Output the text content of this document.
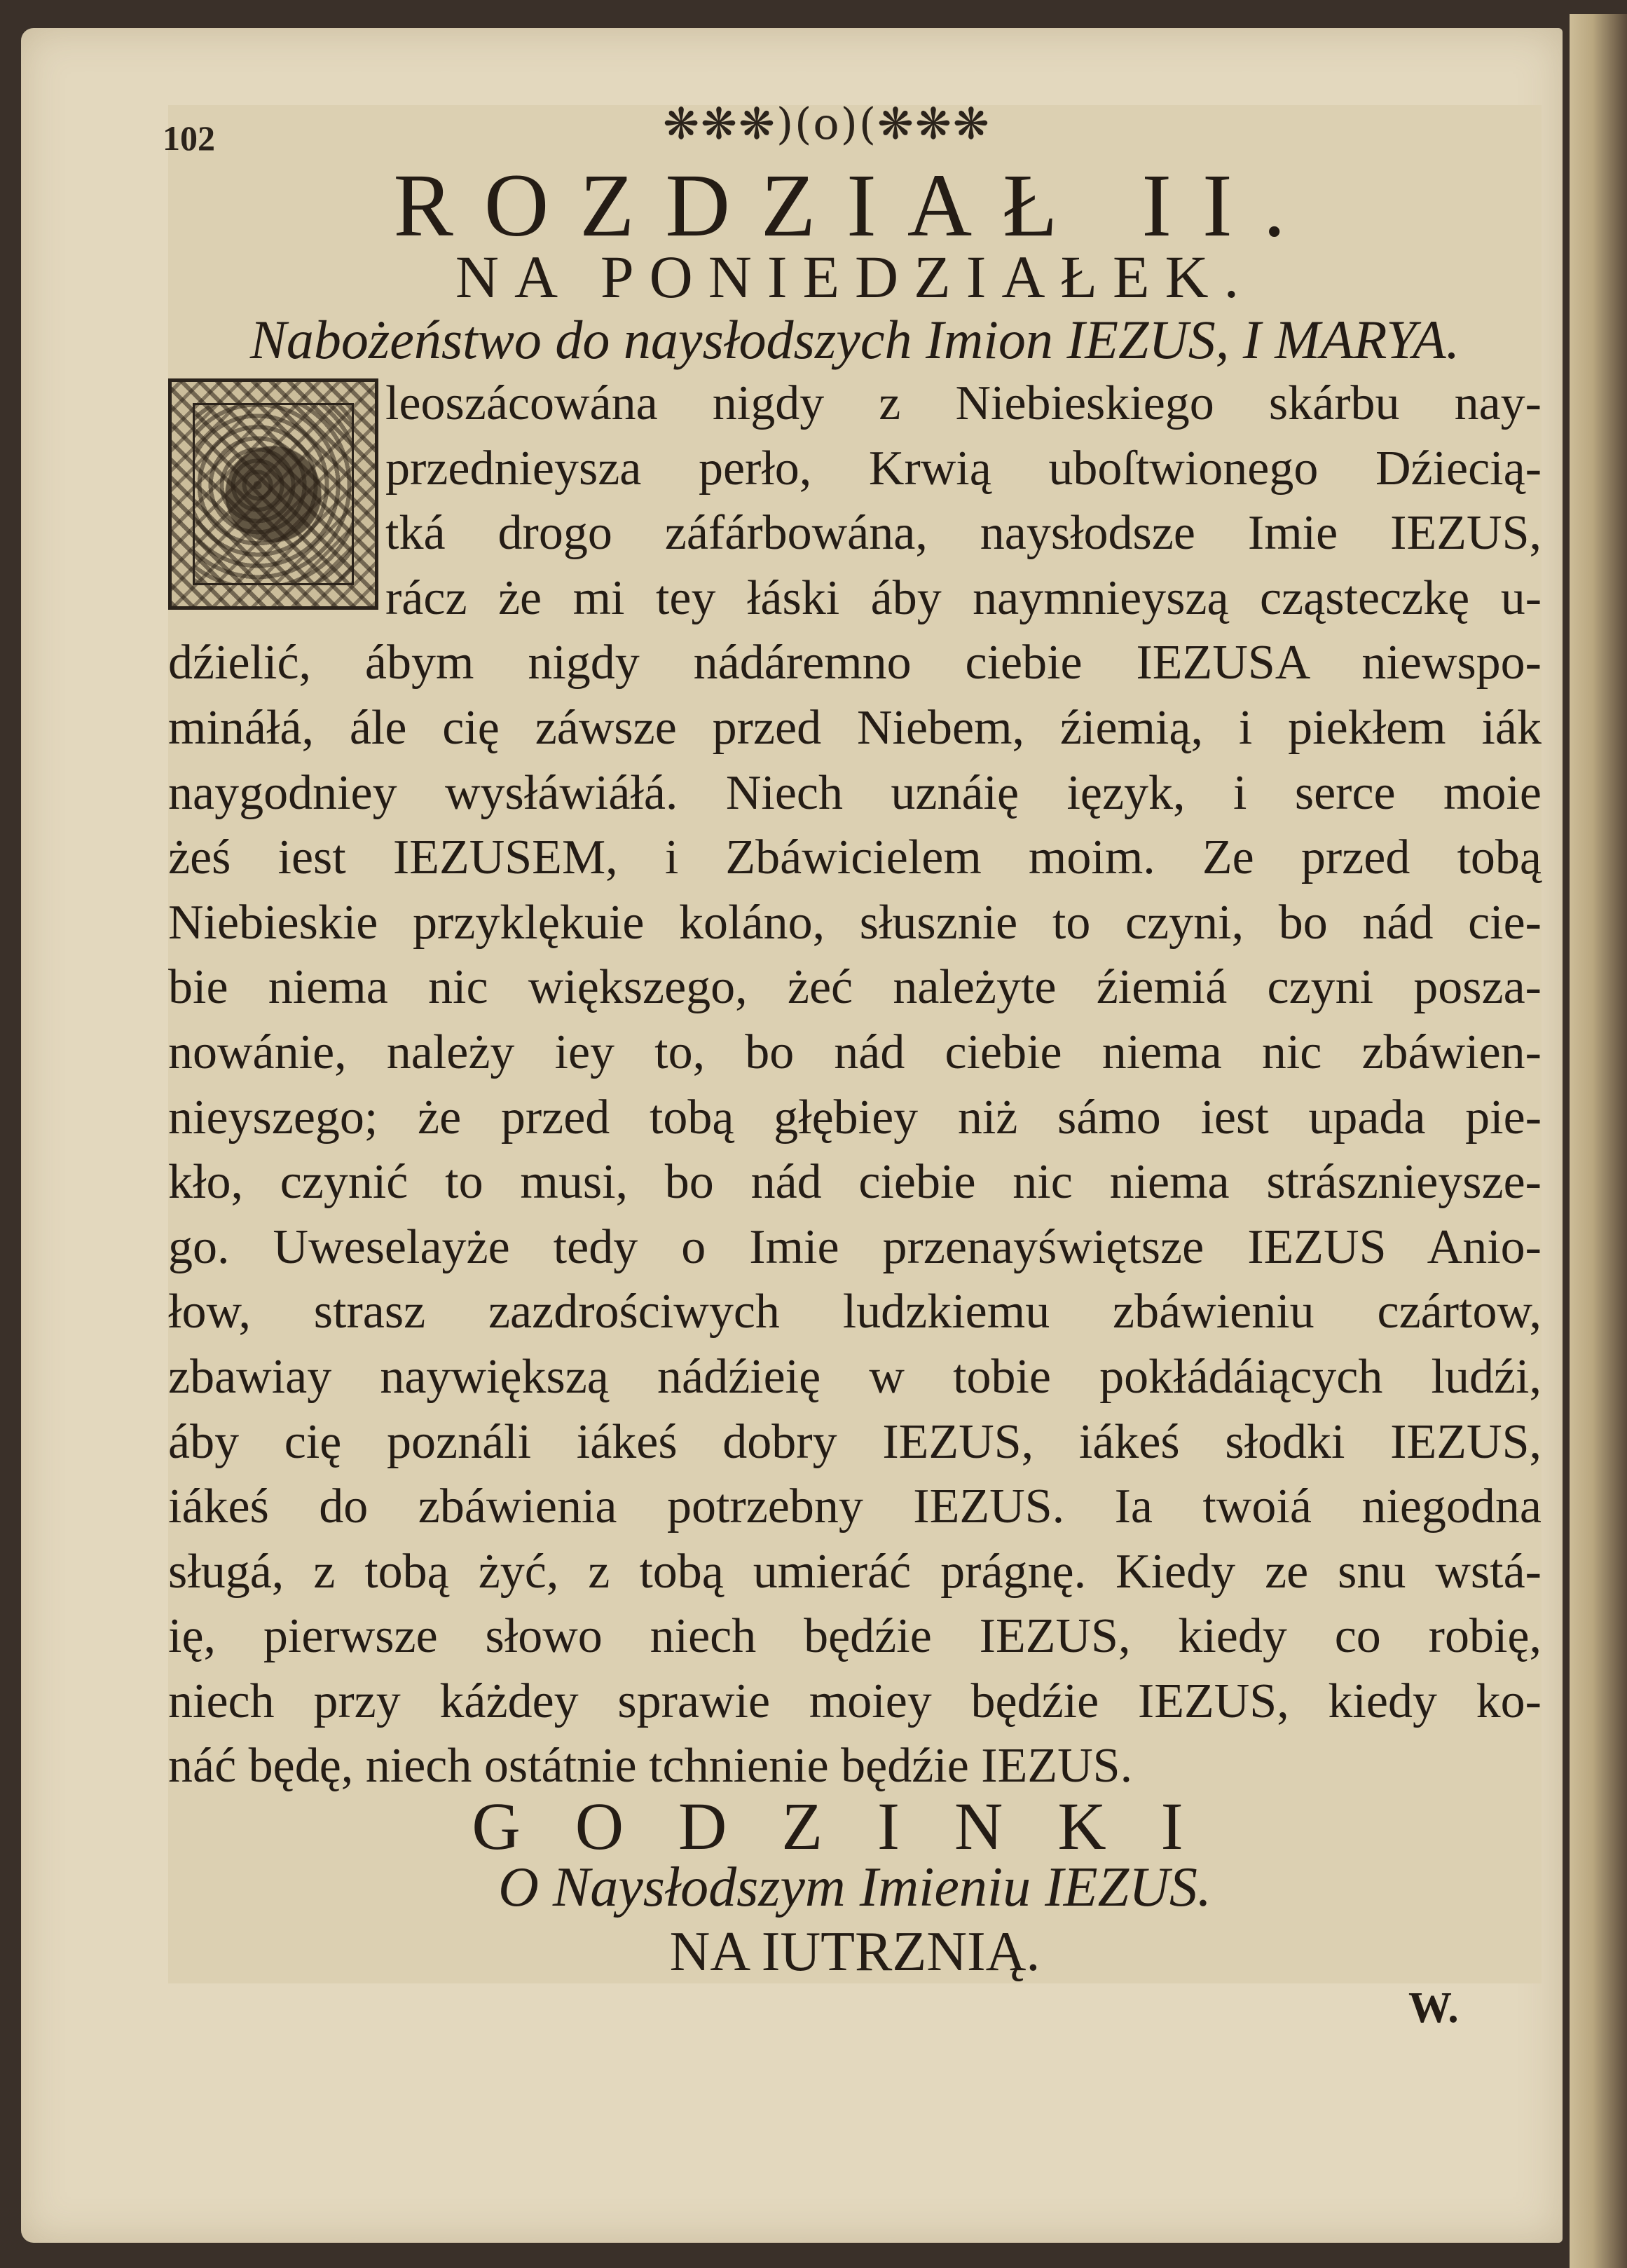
102	❋❋❋)(o)(❋❋❋
ROZDZIAŁ II.
NA PONIEDZIAŁEK.
Nabożeństwo do naysłodszych Imion IEZUS, I MARYA.
leoszácowána nigdy z Niebieskiego skárbu nay-
przednieysza perło, Krwią uboſtwionego Dźiecią-
tká drogo záfárbowána, naysłodsze Imie IEZUS,
rácz że mi tey łáski áby naymnieyszą cząsteczkę u-
dźielić, ábym nigdy nádáremno ciebie IEZUSA niewspo-
mináłá, ále cię záwsze przed Niebem, źiemią, i piekłem iák
naygodniey wysłáwiáłá. Niech uznáię ięzyk, i serce moie
żeś iest IEZUSEM, i Zbáwicielem moim. Ze przed tobą
Niebieskie przyklękuie koláno, słusznie to czyni, bo nád cie-
bie niema nic większego, żeć należyte źiemiá czyni posza-
nowánie, należy iey to, bo nád ciebie niema nic zbáwien-
nieyszego; że przed tobą głębiey niż sámo iest upada pie-
kło, czynić to musi, bo nád ciebie nic niema strásznieysze-
go. Uweselayże tedy o Imie przenayświętsze IEZUS Anio-
łow, strasz zazdrościwych ludzkiemu zbáwieniu czártow,
zbawiay naywiększą nádźieię w tobie pokłádáiących ludźi,
áby cię poználi iákeś dobry IEZUS, iákeś słodki IEZUS,
iákeś do zbáwienia potrzebny IEZUS. Ia twoiá niegodna
sługá, z tobą żyć, z tobą umieráć prágnę. Kiedy ze snu wstá-
ię, pierwsze słowo niech będźie IEZUS, kiedy co robię,
niech przy káżdey sprawie moiey będźie IEZUS, kiedy ko-
náć będę, niech ostátnie tchnienie będźie IEZUS.
GODZINKI
O Naysłodszym Imieniu IEZUS.
NA IUTRZNIĄ.
W.
